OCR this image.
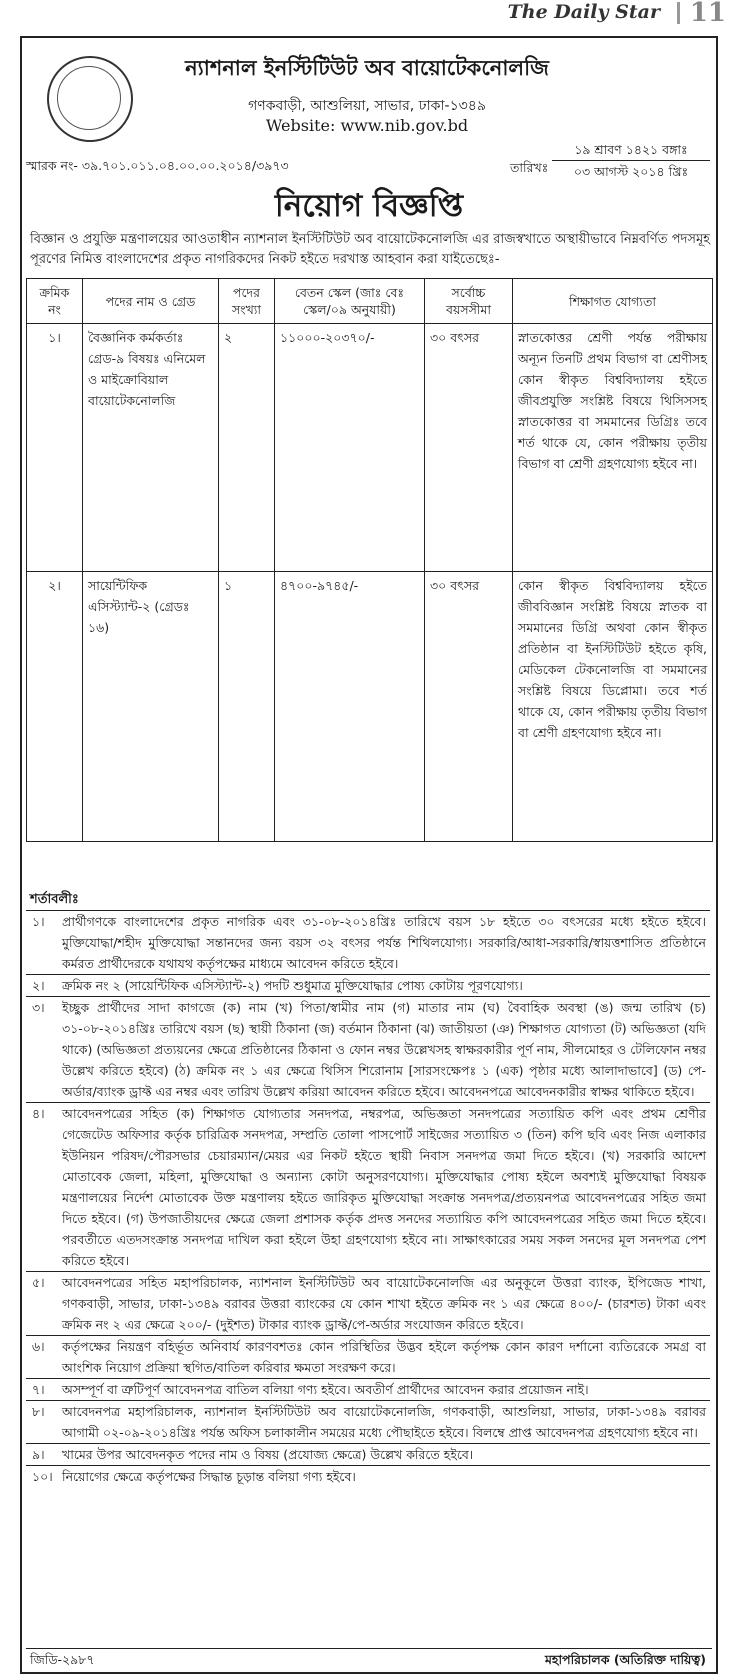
The Daily Star 11
ন্যাশনাল ইনস্টিটিউট অব বায়োটেকনোলজি
গণকবাড়ী, আশুলিয়া, সাভার, ঢাকা-১৩৪৯
Website: www.nib.gov.bd
স্মারক নং- ৩৯.৭০১.০১১.০৪.০০.০০.২০১৪/৩৯৭৩	তারিখঃ
১৯ শ্রাবণ ১৪২১ বঙ্গাঃ
০৩ আগস্ট ২০১৪ খ্রিঃ
নিয়োগ বিজ্ঞপ্তি
বিজ্ঞান ও প্রযুক্তি মন্ত্রণালয়ের আওতাধীন ন্যাশনাল ইনস্টিটিউট অব বায়োটেকনোলজি এর রাজস্বখাতে অস্থায়ীভাবে নিম্নবর্ণিত পদসমূহ পূরণের নিমিত্ত বাংলাদেশের প্রকৃত নাগরিকদের নিকট হইতে দরখাস্ত আহবান করা যাইতেছেঃ-
ক্রমিক নং	পদের নাম ও গ্রেড	পদের সংখ্যা	বেতন স্কেল (জাঃ বেঃ স্কেল/০৯ অনুযায়ী)	সর্বোচ্চ বয়সসীমা	শিক্ষাগত যোগ্যতা
১।	বৈজ্ঞানিক কর্মকর্তাঃ গ্রেড-৯ বিষয়ঃ এনিমেল ও মাইক্রোবিয়াল বায়োটেকনোলজি	২	১১০০০-২০৩৭০/-	৩০ বৎসর	স্নাতকোত্তর শ্রেণী পর্যন্ত পরীক্ষায় অন্যূন তিনটি প্রথম বিভাগ বা শ্রেণীসহ কোন স্বীকৃত বিশ্ববিদ্যালয় হইতে জীবপ্রযুক্তি সংশ্লিষ্ট বিষয়ে থিসিসসহ স্নাতকোত্তর বা সমমানের ডিগ্রিঃ তবে শর্ত থাকে যে, কোন পরীক্ষায় তৃতীয় বিভাগ বা শ্রেণী গ্রহণযোগ্য হইবে না।
২।	সায়েন্টিফিক এসিস্ট্যান্ট-২ (গ্রেডঃ ১৬)	১	৪৭০০-৯৭৪৫/-	৩০ বৎসর	কোন স্বীকৃত বিশ্ববিদ্যালয় হইতে জীববিজ্ঞান সংশ্লিষ্ট বিষয়ে স্নাতক বা সমমানের ডিগ্রি অথবা কোন স্বীকৃত প্রতিষ্ঠান বা ইনস্টিটিউট হইতে কৃষি, মেডিকেল টেকনোলজি বা সমমানের সংশ্লিষ্ট বিষয়ে ডিপ্লোমা। তবে শর্ত থাকে যে, কোন পরীক্ষায় তৃতীয় বিভাগ বা শ্রেণী গ্রহণযোগ্য হইবে না।
শর্তাবলীঃ
১। প্রার্থীগণকে বাংলাদেশের প্রকৃত নাগরিক এবং ৩১-০৮-২০১৪খ্রিঃ তারিখে বয়স ১৮ হইতে ৩০ বৎসরের মধ্যে হইতে হইবে। মুক্তিযোদ্ধা/শহীদ মুক্তিযোদ্ধা সন্তানদের জন্য বয়স ৩২ বৎসর পর্যন্ত শিথিলযোগ্য। সরকারি/আধা-সরকারি/স্বায়ত্তশাসিত প্রতিষ্ঠানে কর্মরত প্রার্থীদেরকে যথাযথ কর্তৃপক্ষের মাধ্যমে আবেদন করিতে হইবে।
২। ক্রমিক নং ২ (সায়েন্টিফিক এসিস্ট্যান্ট-২) পদটি শুধুমাত্র মুক্তিযোদ্ধার পোষ্য কোটায় পূরণযোগ্য।
৩। ইচ্ছুক প্রার্থীদের সাদা কাগজে (ক) নাম (খ) পিতা/স্বামীর নাম (গ) মাতার নাম (ঘ) বৈবাহিক অবস্থা (ঙ) জন্ম তারিখ (চ) ৩১-০৮-২০১৪খ্রিঃ তারিখে বয়স (ছ) স্থায়ী ঠিকানা (জ) বর্তমান ঠিকানা (ঝ) জাতীয়তা (ঞ) শিক্ষাগত যোগ্যতা (ট) অভিজ্ঞতা (যদি থাকে) (অভিজ্ঞতা প্রত্যয়নের ক্ষেত্রে প্রতিষ্ঠানের ঠিকানা ও ফোন নম্বর উল্লেখসহ স্বাক্ষরকারীর পূর্ণ নাম, সীলমোহর ও টেলিফোন নম্বর উল্লেখ করিতে হইবে) (ঠ) ক্রমিক নং ১ এর ক্ষেত্রে থিসিস শিরোনাম [সারসংক্ষেপঃ ১ (এক) পৃষ্ঠার মধ্যে আলাদাভাবে] (ড) পে-অর্ডার/ব্যাংক ড্রাফ্ট এর নম্বর এবং তারিখ উল্লেখ করিয়া আবেদন করিতে হইবে। আবেদনপত্রে আবেদনকারীর স্বাক্ষর থাকিতে হইবে।
৪। আবেদনপত্রের সহিত (ক) শিক্ষাগত যোগ্যতার সনদপত্র, নম্বরপত্র, অভিজ্ঞতা সনদপত্রের সত্যায়িত কপি এবং প্রথম শ্রেণীর গেজেটেড অফিসার কর্তৃক চারিত্রিক সনদপত্র, সম্প্রতি তোলা পাসপোর্ট সাইজের সত্যায়িত ৩ (তিন) কপি ছবি এবং নিজ এলাকার ইউনিয়ন পরিষদ/পৌরসভার চেয়ারম্যান/মেয়র এর নিকট হইতে স্থায়ী নিবাস সনদপত্র জমা দিতে হইবে। (খ) সরকারি আদেশ মোতাবেক জেলা, মহিলা, মুক্তিযোদ্ধা ও অন্যান্য কোটা অনুসরণযোগ্য। মুক্তিযোদ্ধার পোষ্য হইলে অবশ্যই মুক্তিযোদ্ধা বিষয়ক মন্ত্রণালয়ের নির্দেশ মোতাবেক উক্ত মন্ত্রণালয় হইতে জারিকৃত মুক্তিযোদ্ধা সংক্রান্ত সনদপত্র/প্রত্যয়নপত্র আবেদনপত্রের সহিত জমা দিতে হইবে। (গ) উপজাতীয়দের ক্ষেত্রে জেলা প্রশাসক কর্তৃক প্রদত্ত সনদের সত্যায়িত কপি আবেদনপত্রের সহিত জমা দিতে হইবে। পরবর্তীতে এতদসংক্রান্ত সনদপত্র দাখিল করা হইলে উহা গ্রহণযোগ্য হইবে না। সাক্ষাৎকারের সময় সকল সনদের মূল সনদপত্র পেশ করিতে হইবে।
৫। আবেদনপত্রের সহিত মহাপরিচালক, ন্যাশনাল ইনস্টিটিউট অব বায়োটেকনোলজি এর অনুকূলে উত্তরা ব্যাংক, ইপিজেড শাখা, গণকবাড়ী, সাভার, ঢাকা-১৩৪৯ বরাবর উত্তরা ব্যাংকের যে কোন শাখা হইতে ক্রমিক নং ১ এর ক্ষেত্রে ৪০০/- (চারশত) টাকা এবং ক্রমিক নং ২ এর ক্ষেত্রে ২০০/- (দুইশত) টাকার ব্যাংক ড্রাফ্ট/পে-অর্ডার সংযোজন করিতে হইবে।
৬। কর্তৃপক্ষের নিয়ন্ত্রণ বহির্ভূত অনিবার্য কারণবশতঃ কোন পরিস্থিতির উদ্ভব হইলে কর্তৃপক্ষ কোন কারণ দর্শানো ব্যতিরেকে সমগ্র বা আংশিক নিয়োগ প্রক্রিয়া স্থগিত/বাতিল করিবার ক্ষমতা সংরক্ষণ করে।
৭। অসম্পূর্ণ বা ত্রুটিপূর্ণ আবেদনপত্র বাতিল বলিয়া গণ্য হইবে। অবতীর্ণ প্রার্থীদের আবেদন করার প্রয়োজন নাই।
৮। আবেদনপত্র মহাপরিচালক, ন্যাশনাল ইনস্টিটিউট অব বায়োটেকনোলজি, গণকবাড়ী, আশুলিয়া, সাভার, ঢাকা-১৩৪৯ বরাবর আগামী ০২-০৯-২০১৪খ্রিঃ পর্যন্ত অফিস চলাকালীন সময়ের মধ্যে পৌছাইতে হইবে। বিলম্বে প্রাপ্ত আবেদনপত্র গ্রহণযোগ্য হইবে না।
৯। খামের উপর আবেদনকৃত পদের নাম ও বিষয় (প্রযোজ্য ক্ষেত্রে) উল্লেখ করিতে হইবে।
১০। নিয়োগের ক্ষেত্রে কর্তৃপক্ষের সিদ্ধান্ত চূড়ান্ত বলিয়া গণ্য হইবে।
জিডি-২৯৮৭	মহাপরিচালক (অতিরিক্ত দায়িত্ব)
